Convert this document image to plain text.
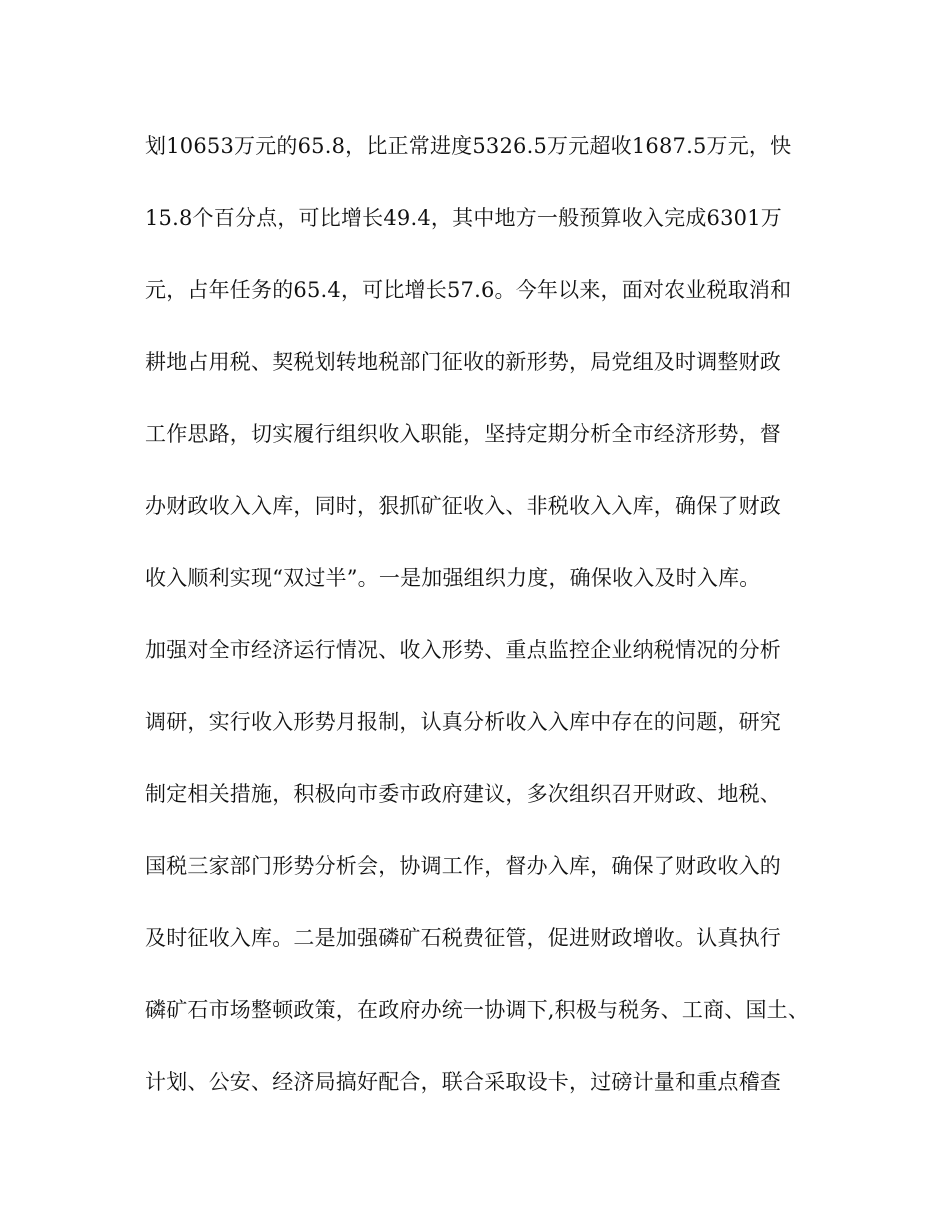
划10653万元的65.8，比正常进度5326.5万元超收1687.5万元，快
15.8个百分点，可比增长49.4，其中地方一般预算收入完成6301万
元，占年任务的65.4，可比增长57.6。今年以来，面对农业税取消和
耕地占用税、契税划转地税部门征收的新形势，局党组及时调整财政
工作思路，切实履行组织收入职能，坚持定期分析全市经济形势，督
办财政收入入库，同时，狠抓矿征收入、非税收入入库，确保了财政
收入顺利实现“双过半”。一是加强组织力度，确保收入及时入库。
加强对全市经济运行情况、收入形势、重点监控企业纳税情况的分析
调研，实行收入形势月报制，认真分析收入入库中存在的问题，研究
制定相关措施，积极向市委市政府建议，多次组织召开财政、地税、
国税三家部门形势分析会，协调工作，督办入库，确保了财政收入的
及时征收入库。二是加强磷矿石税费征管，促进财政增收。认真执行
磷矿石市场整顿政策，在政府办统一协调下,积极与税务、工商、国土、
计划、公安、经济局搞好配合，联合采取设卡，过磅计量和重点稽查
